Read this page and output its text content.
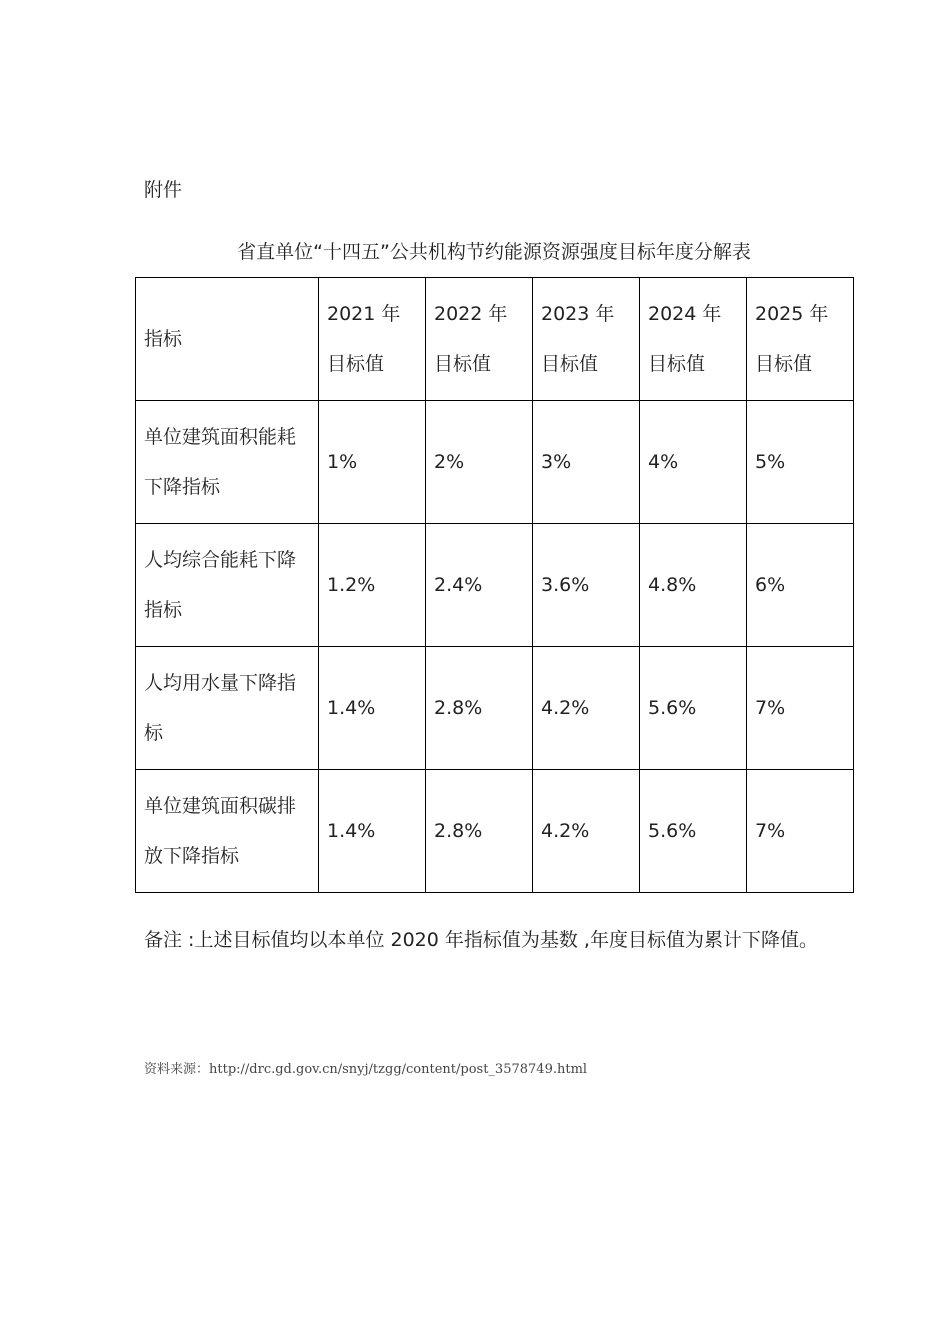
附件
省直单位“十四五”公共机构节约能源资源强度目标年度分解表
指标	2021 年目标值	2022 年目标值	2023 年目标值	2024 年目标值	2025 年目标值
单位建筑面积能耗下降指标	1%	2%	3%	4%	5%
人均综合能耗下降指标	1.2%	2.4%	3.6%	4.8%	6%
人均用水量下降指标	1.4%	2.8%	4.2%	5.6%	7%
单位建筑面积碳排放下降指标	1.4%	2.8%	4.2%	5.6%	7%
备注 :上述目标值均以本单位 2020 年指标值为基数 ,年度目标值为累计下降值。
资料来源：http://drc.gd.gov.cn/snyj/tzgg/content/post_3578749.html
